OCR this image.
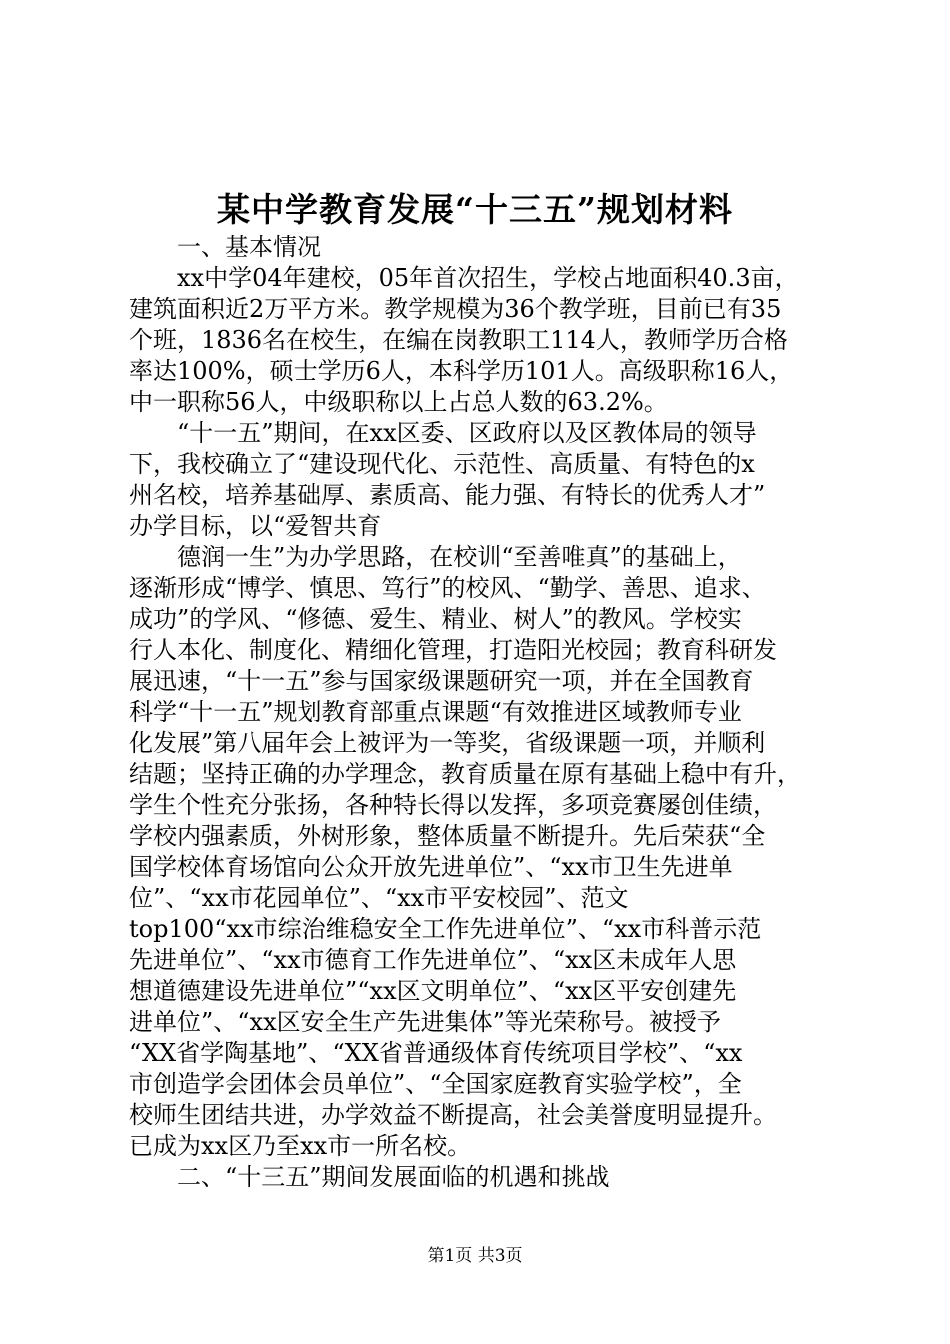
某中学教育发展“十三五”规划材料
一、基本情况
xx中学04年建校，05年首次招生，学校占地面积40.3亩，
建筑面积近2万平方米。教学规模为36个教学班，目前已有35
个班，1836名在校生，在编在岗教职工114人，教师学历合格
率达100%，硕士学历6人，本科学历101人。高级职称16人，
中一职称56人，中级职称以上占总人数的63.2%。
“十一五”期间，在xx区委、区政府以及区教体局的领导
下，我校确立了“建设现代化、示范性、高质量、有特色的x
州名校，培养基础厚、素质高、能力强、有特长的优秀人才”
办学目标，以“爱智共育
德润一生”为办学思路，在校训“至善唯真”的基础上，
逐渐形成“博学、慎思、笃行”的校风、“勤学、善思、追求、
成功”的学风、“修德、爱生、精业、树人”的教风。学校实
行人本化、制度化、精细化管理，打造阳光校园；教育科研发
展迅速，“十一五”参与国家级课题研究一项，并在全国教育
科学“十一五”规划教育部重点课题“有效推进区域教师专业
化发展”第八届年会上被评为一等奖，省级课题一项，并顺利
结题；坚持正确的办学理念，教育质量在原有基础上稳中有升，
学生个性充分张扬，各种特长得以发挥，多项竞赛屡创佳绩，
学校内强素质，外树形象，整体质量不断提升。先后荣获“全
国学校体育场馆向公众开放先进单位”、“xx市卫生先进单
位”、“xx市花园单位”、“xx市平安校园”、范文
top100“xx市综治维稳安全工作先进单位”、“xx市科普示范
先进单位”、“xx市德育工作先进单位”、“xx区未成年人思
想道德建设先进单位”“xx区文明单位”、“xx区平安创建先
进单位”、“xx区安全生产先进集体”等光荣称号。被授予
“XX省学陶基地”、“XX省普通级体育传统项目学校”、“xx
市创造学会团体会员单位”、“全国家庭教育实验学校”，全
校师生团结共进，办学效益不断提高，社会美誉度明显提升。
已成为xx区乃至xx市一所名校。
二、“十三五”期间发展面临的机遇和挑战
第1页 共3页
